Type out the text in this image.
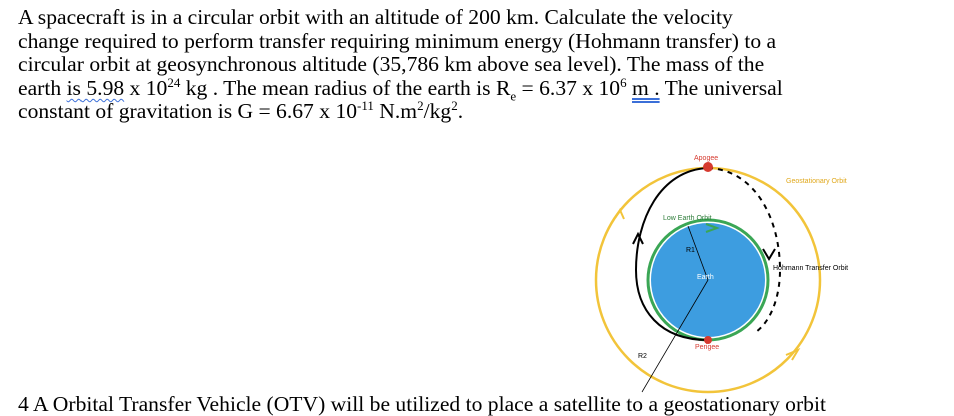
A spacecraft is in a circular orbit with an altitude of 200 km. Calculate the velocity
change required to perform transfer requiring minimum energy (Hohmann transfer) to a
circular orbit at geosynchronous altitude (35,786 km above sea level). The mass of the
earth is 5.98 x $10^{24}$ kg . The mean radius of the earth is $R_e = 6.37$ x $10^6$ m . The universal
constant of gravitation is G = 6.67 x $10^{-11}$ $N.m^2/kg^2$.
Apogee
Geostationary Orbit
Low Earth Orbit
R1
Earth
Hohmann Transfer Orbit
Perigee
R2
4 A Orbital Transfer Vehicle (OTV) will be utilized to place a satellite to a geostationary orbit
